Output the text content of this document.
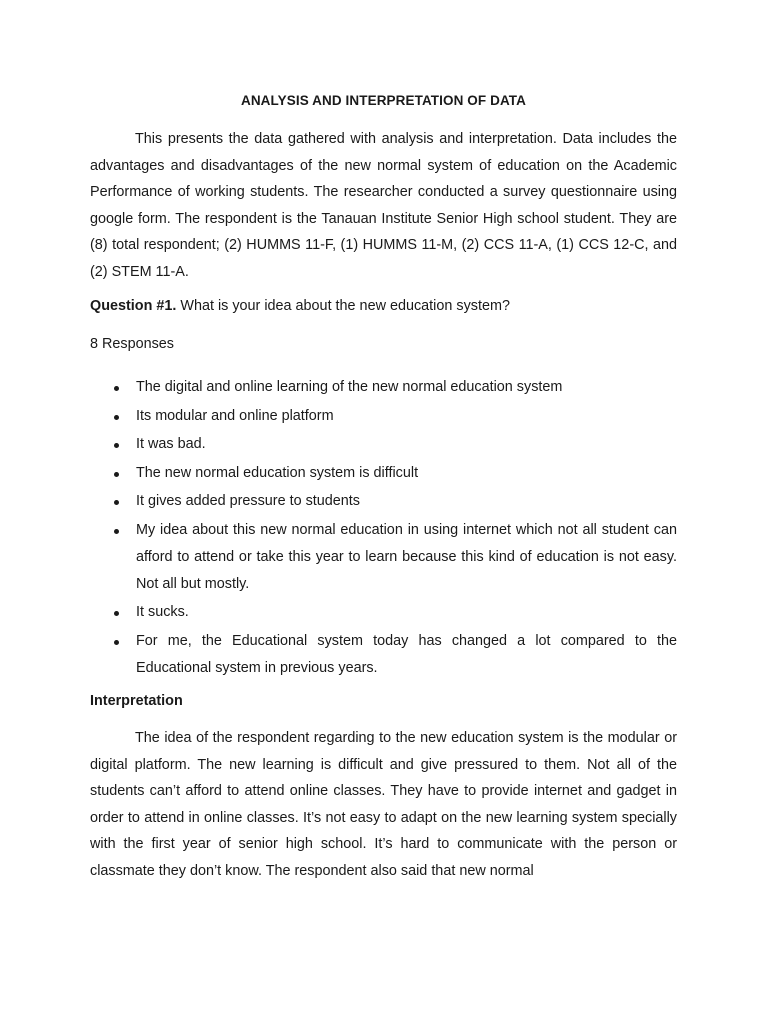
ANALYSIS AND INTERPRETATION OF DATA

This presents the data gathered with analysis and interpretation. Data includes the advantages and disadvantages of the new normal system of education on the Academic Performance of working students. The researcher conducted a survey questionnaire using google form. The respondent is the Tanauan Institute Senior High school student. They are (8) total respondent; (2) HUMMS 11-F, (1) HUMMS 11-M, (2) CCS 11-A, (1) CCS 12-C, and (2) STEM 11-A.

Question #1. What is your idea about the new education system?
8 Responses
The digital and online learning of the new normal education system
Its modular and online platform
It was bad.
The new normal education system is difficult
It gives added pressure to students
My idea about this new normal education in using internet which not all student can afford to attend or take this year to learn because this kind of education is not easy. Not all but mostly.
It sucks.
For me, the Educational system today has changed a lot compared to the Educational system in previous years.
Interpretation

The idea of the respondent regarding to the new education system is the modular or digital platform. The new learning is difficult and give pressured to them. Not all of the students can’t afford to attend online classes. They have to provide internet and gadget in order to attend in online classes. It’s not easy to adapt on the new learning system specially with the first year of senior high school. It’s hard to communicate with the person or classmate they don’t know. The respondent also said that new normal
